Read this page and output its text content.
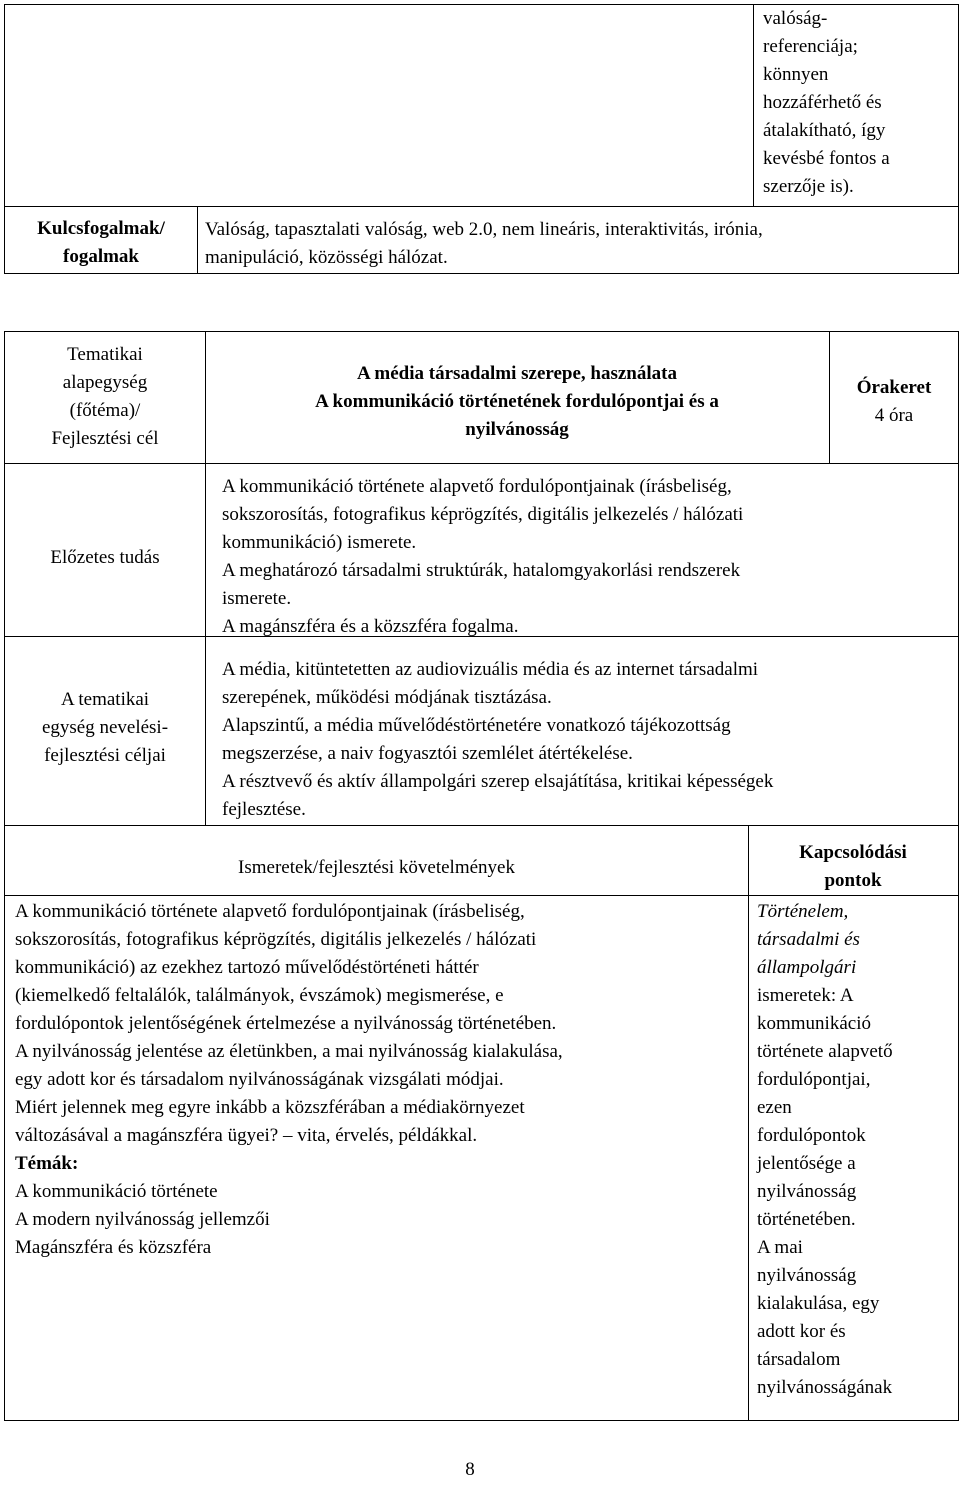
valóság-
referenciája;
könnyen
hozzáférhető és
átalakítható, így
kevésbé fontos a
szerzője is).
Kulcsfogalmak/
fogalmak
Valóság, tapasztalati valóság, web 2.0, nem lineáris, interaktivitás, irónia,
manipuláció, közösségi hálózat.
Tematikai
alapegység
(főtéma)/
Fejlesztési cél
A média társadalmi szerepe, használata
A kommunikáció történetének fordulópontjai és a
nyilvánosság
Órakeret
4 óra
Előzetes tudás
A kommunikáció története alapvető fordulópontjainak (írásbeliség,
sokszorosítás, fotografikus képrögzítés, digitális jelkezelés / hálózati
kommunikáció) ismerete.
A meghatározó társadalmi struktúrák, hatalomgyakorlási rendszerek
ismerete.
A magánszféra és a közszféra fogalma.
A tematikai
egység nevelési-
fejlesztési céljai
A média, kitüntetetten az audiovizuális média és az internet társadalmi
szerepének, működési módjának tisztázása.
Alapszintű, a média művelődéstörténetére vonatkozó tájékozottság
megszerzése, a naiv fogyasztói szemlélet átértékelése.
A résztvevő és aktív állampolgári szerep elsajátítása, kritikai képességek
fejlesztése.
Ismeretek/fejlesztési követelmények
Kapcsolódási
pontok
A kommunikáció története alapvető fordulópontjainak (írásbeliség,
sokszorosítás, fotografikus képrögzítés, digitális jelkezelés / hálózati
kommunikáció) az ezekhez tartozó művelődéstörténeti háttér
(kiemelkedő feltalálók, találmányok, évszámok) megismerése, e
fordulópontok jelentőségének értelmezése a nyilvánosság történetében.
A nyilvánosság jelentése az életünkben, a mai nyilvánosság kialakulása,
egy adott kor és társadalom nyilvánosságának vizsgálati módjai.
Miért jelennek meg egyre inkább a közszférában a médiakörnyezet
változásával a magánszféra ügyei? – vita, érvelés, példákkal.
Témák:
A kommunikáció története
A modern nyilvánosság jellemzői
Magánszféra és közszféra
Történelem,
társadalmi és
állampolgári
ismeretek: A
kommunikáció
története alapvető
fordulópontjai,
ezen
fordulópontok
jelentősége a
nyilvánosság
történetében.
A mai
nyilvánosság
kialakulása, egy
adott kor és
társadalom
nyilvánosságának
8
